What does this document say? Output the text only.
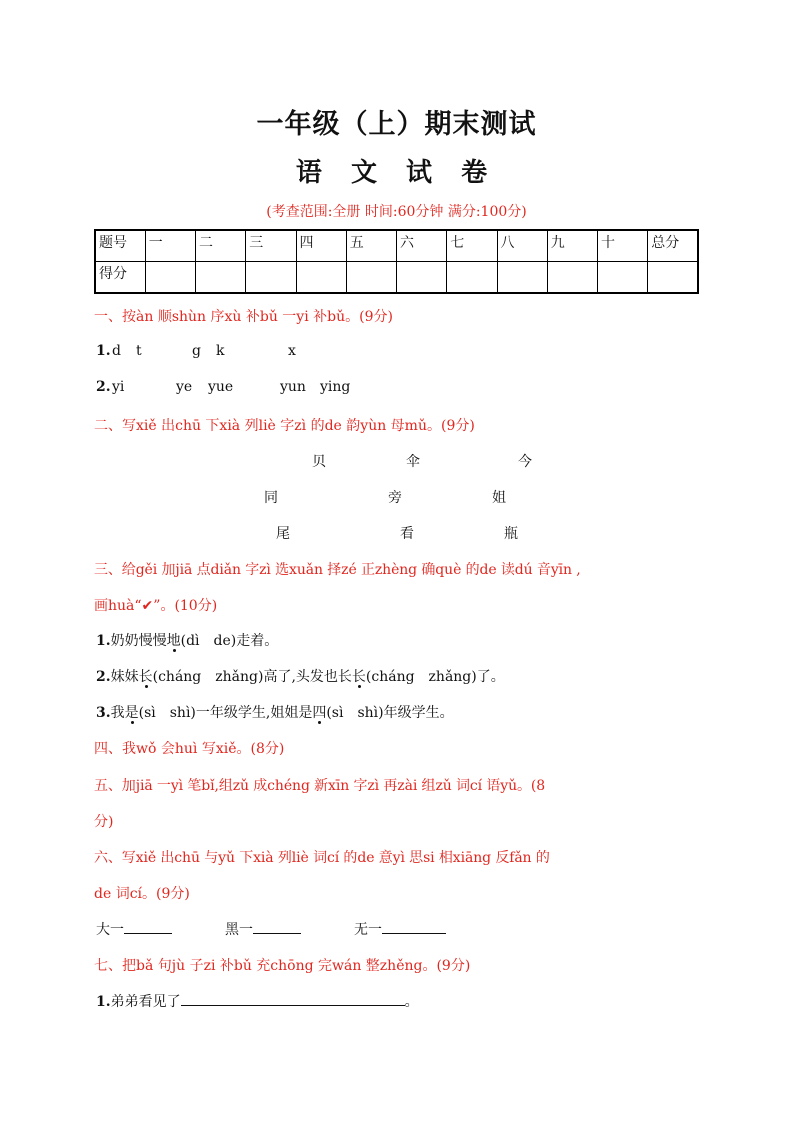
一年级（上）期末测试
语 文 试 卷
(考查范围:全册 时间:60分钟 满分:100分)
题号	一	二	三	四	五	六	七	八	九	十	总分
得分											
一、按àn 顺shùn 序xù 补bǔ 一yi 补bǔ。(9分)
1. d t	g k	x
2. yi	ye yue	yun ying
二、写xiě 出chū 下xià 列liè 字zì 的de 韵yùn 母mǔ。(9分)
贝	伞	今
同	旁	姐
尾	看	瓶
三、给gěi 加jiā 点diǎn 字zì 选xuǎn 择zé 正zhèng 确què 的de 读dú 音yīn ,
画huà“✔”。(10分)
1.奶奶慢慢地(dì　de)走着。
2.妹妹长(cháng　zhǎng)高了,头发也长长(cháng　zhǎng)了。
3.我是(sì　shì)一年级学生,姐姐是四(sì　shì)年级学生。
四、我wǒ 会huì 写xiě。(8分)
五、加jiā 一yì 笔bǐ,组zǔ 成chéng 新xīn 字zì 再zài 组zǔ 词cí 语yǔ。(8
分)
六、写xiě 出chū 与yǔ 下xià 列liè 词cí 的de 意yì 思si 相xiāng 反fǎn 的
de 词cí。(9分)
大一	黑一	无一
七、把bǎ 句jù 子zi 补bǔ 充chōng 完wán 整zhěng。(9分)
1.弟弟看见了	。
